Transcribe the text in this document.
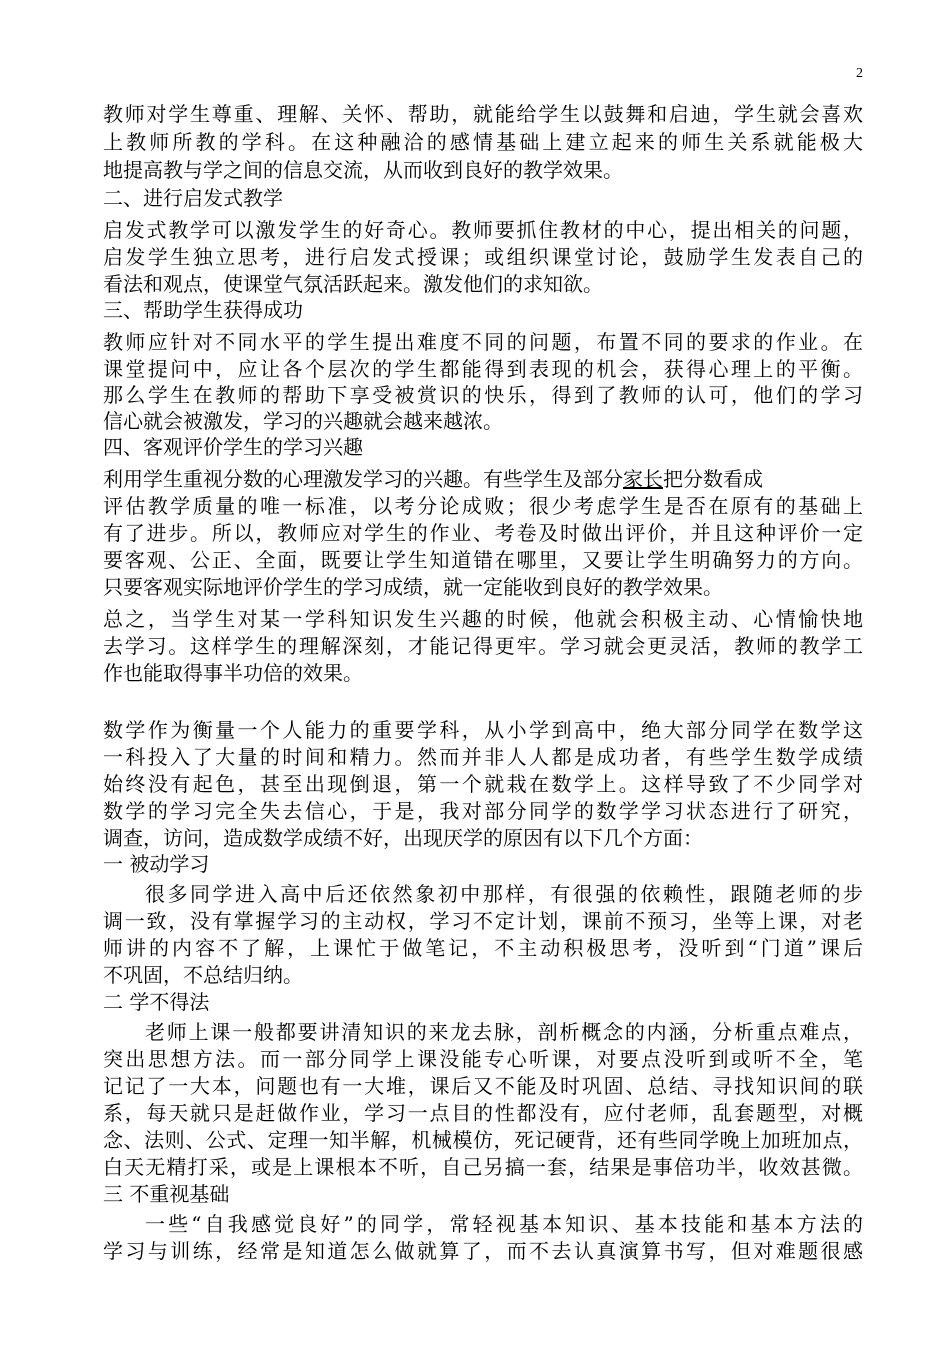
2
教师对学生尊重、理解、关怀、帮助，就能给学生以鼓舞和启迪，学生就会喜欢
上教师所教的学科。在这种融洽的感情基础上建立起来的师生关系就能极大
地提高教与学之间的信息交流，从而收到良好的教学效果。
二、进行启发式教学
启发式教学可以激发学生的好奇心。教师要抓住教材的中心，提出相关的问题，
启发学生独立思考，进行启发式授课；或组织课堂讨论，鼓励学生发表自己的
看法和观点，使课堂气氛活跃起来。激发他们的求知欲。
三、帮助学生获得成功
教师应针对不同水平的学生提出难度不同的问题，布置不同的要求的作业。在
课堂提问中，应让各个层次的学生都能得到表现的机会，获得心理上的平衡。
那么学生在教师的帮助下享受被赏识的快乐，得到了教师的认可，他们的学习
信心就会被激发，学习的兴趣就会越来越浓。
四、客观评价学生的学习兴趣
利用学生重视分数的心理激发学习的兴趣。有些学生及部分家长把分数看成
评估教学质量的唯一标准，以考分论成败；很少考虑学生是否在原有的基础上
有了进步。所以，教师应对学生的作业、考卷及时做出评价，并且这种评价一定
要客观、公正、全面，既要让学生知道错在哪里，又要让学生明确努力的方向。
只要客观实际地评价学生的学习成绩，就一定能收到良好的教学效果。
总之，当学生对某一学科知识发生兴趣的时候，他就会积极主动、心情愉快地
去学习。这样学生的理解深刻，才能记得更牢。学习就会更灵活，教师的教学工
作也能取得事半功倍的效果。
数学作为衡量一个人能力的重要学科，从小学到高中，绝大部分同学在数学这
一科投入了大量的时间和精力。然而并非人人都是成功者，有些学生数学成绩
始终没有起色，甚至出现倒退，第一个就栽在数学上。这样导致了不少同学对
数学的学习完全失去信心，于是，我对部分同学的数学学习状态进行了研究，
调查，访问，造成数学成绩不好，出现厌学的原因有以下几个方面：
一 被动学习
很多同学进入高中后还依然象初中那样，有很强的依赖性，跟随老师的步
调一致，没有掌握学习的主动权，学习不定计划，课前不预习，坐等上课，对老
师讲的内容不了解，上课忙于做笔记，不主动积极思考，没听到“门道”课后
不巩固，不总结归纳。
二 学不得法
老师上课一般都要讲清知识的来龙去脉，剖析概念的内涵，分析重点难点，
突出思想方法。而一部分同学上课没能专心听课，对要点没听到或听不全，笔
记记了一大本，问题也有一大堆，课后又不能及时巩固、总结、寻找知识间的联
系，每天就只是赶做作业，学习一点目的性都没有，应付老师，乱套题型，对概
念、法则、公式、定理一知半解，机械模仿，死记硬背，还有些同学晚上加班加点，
白天无精打采，或是上课根本不听，自己另搞一套，结果是事倍功半，收效甚微。
三 不重视基础
一些“自我感觉良好”的同学，常轻视基本知识、基本技能和基本方法的
学习与训练，经常是知道怎么做就算了，而不去认真演算书写，但对难题很感
